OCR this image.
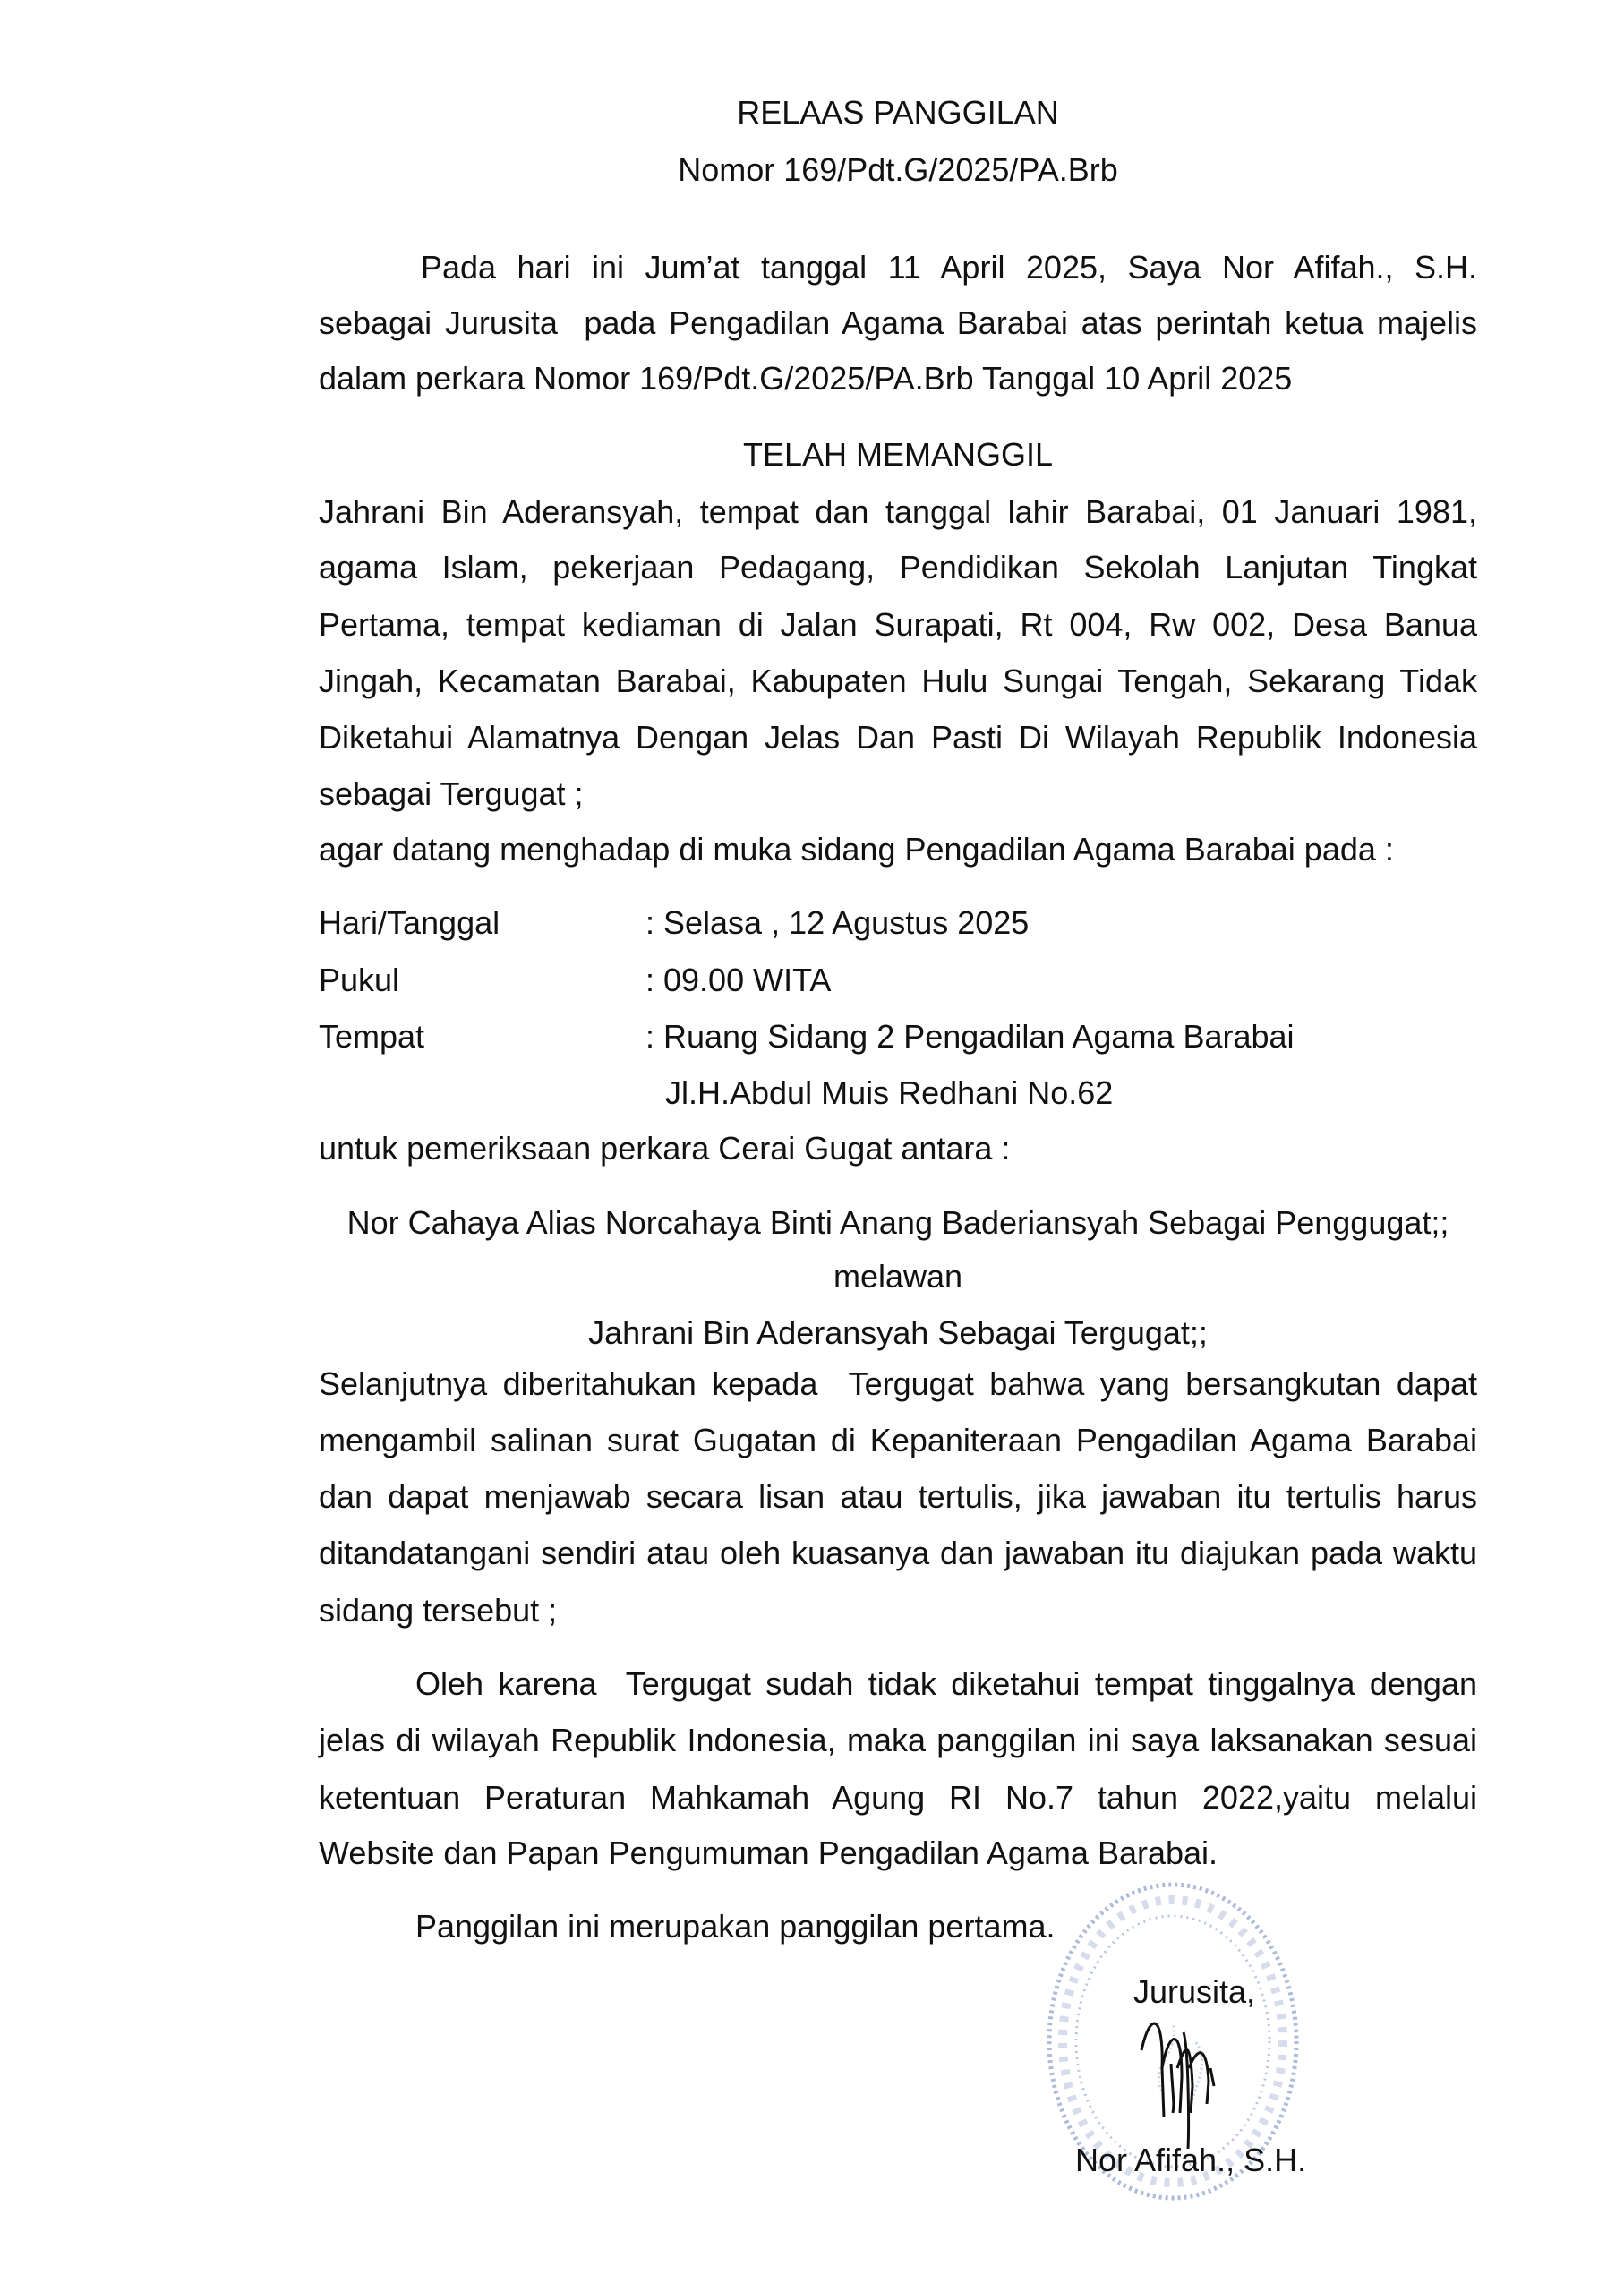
RELAAS PANGGILAN
Nomor 169/Pdt.G/2025/PA.Brb
Pada hari ini Jum’at tanggal 11 April 2025, Saya Nor Afifah., S.H.
sebagai Jurusita  pada Pengadilan Agama Barabai atas perintah ketua majelis
dalam perkara Nomor 169/Pdt.G/2025/PA.Brb Tanggal 10 April 2025
TELAH MEMANGGIL
Jahrani Bin Aderansyah, tempat dan tanggal lahir Barabai, 01 Januari 1981,
agama Islam, pekerjaan Pedagang, Pendidikan Sekolah Lanjutan Tingkat
Pertama, tempat kediaman di Jalan Surapati, Rt 004, Rw 002, Desa Banua
Jingah, Kecamatan Barabai, Kabupaten Hulu Sungai Tengah, Sekarang Tidak
Diketahui Alamatnya Dengan Jelas Dan Pasti Di Wilayah Republik Indonesia
sebagai Tergugat ;
agar datang menghadap di muka sidang Pengadilan Agama Barabai pada :
Hari/Tanggal	: Selasa , 12 Agustus 2025
Pukul	: 09.00 WITA
Tempat	: Ruang Sidang 2 Pengadilan Agama Barabai
Jl.H.Abdul Muis Redhani No.62
untuk pemeriksaan perkara Cerai Gugat antara :
Nor Cahaya Alias Norcahaya Binti Anang Baderiansyah Sebagai Penggugat;;
melawan
Jahrani Bin Aderansyah Sebagai Tergugat;;
Selanjutnya diberitahukan kepada  Tergugat bahwa yang bersangkutan dapat
mengambil salinan surat Gugatan di Kepaniteraan Pengadilan Agama Barabai
dan dapat menjawab secara lisan atau tertulis, jika jawaban itu tertulis harus
ditandatangani sendiri atau oleh kuasanya dan jawaban itu diajukan pada waktu
sidang tersebut ;
Oleh karena  Tergugat sudah tidak diketahui tempat tinggalnya dengan
jelas di wilayah Republik Indonesia, maka panggilan ini saya laksanakan sesuai
ketentuan Peraturan Mahkamah Agung RI No.7 tahun 2022,yaitu melalui
Website dan Papan Pengumuman Pengadilan Agama Barabai.
Panggilan ini merupakan panggilan pertama.
Jurusita,
Nor Afifah., S.H.
